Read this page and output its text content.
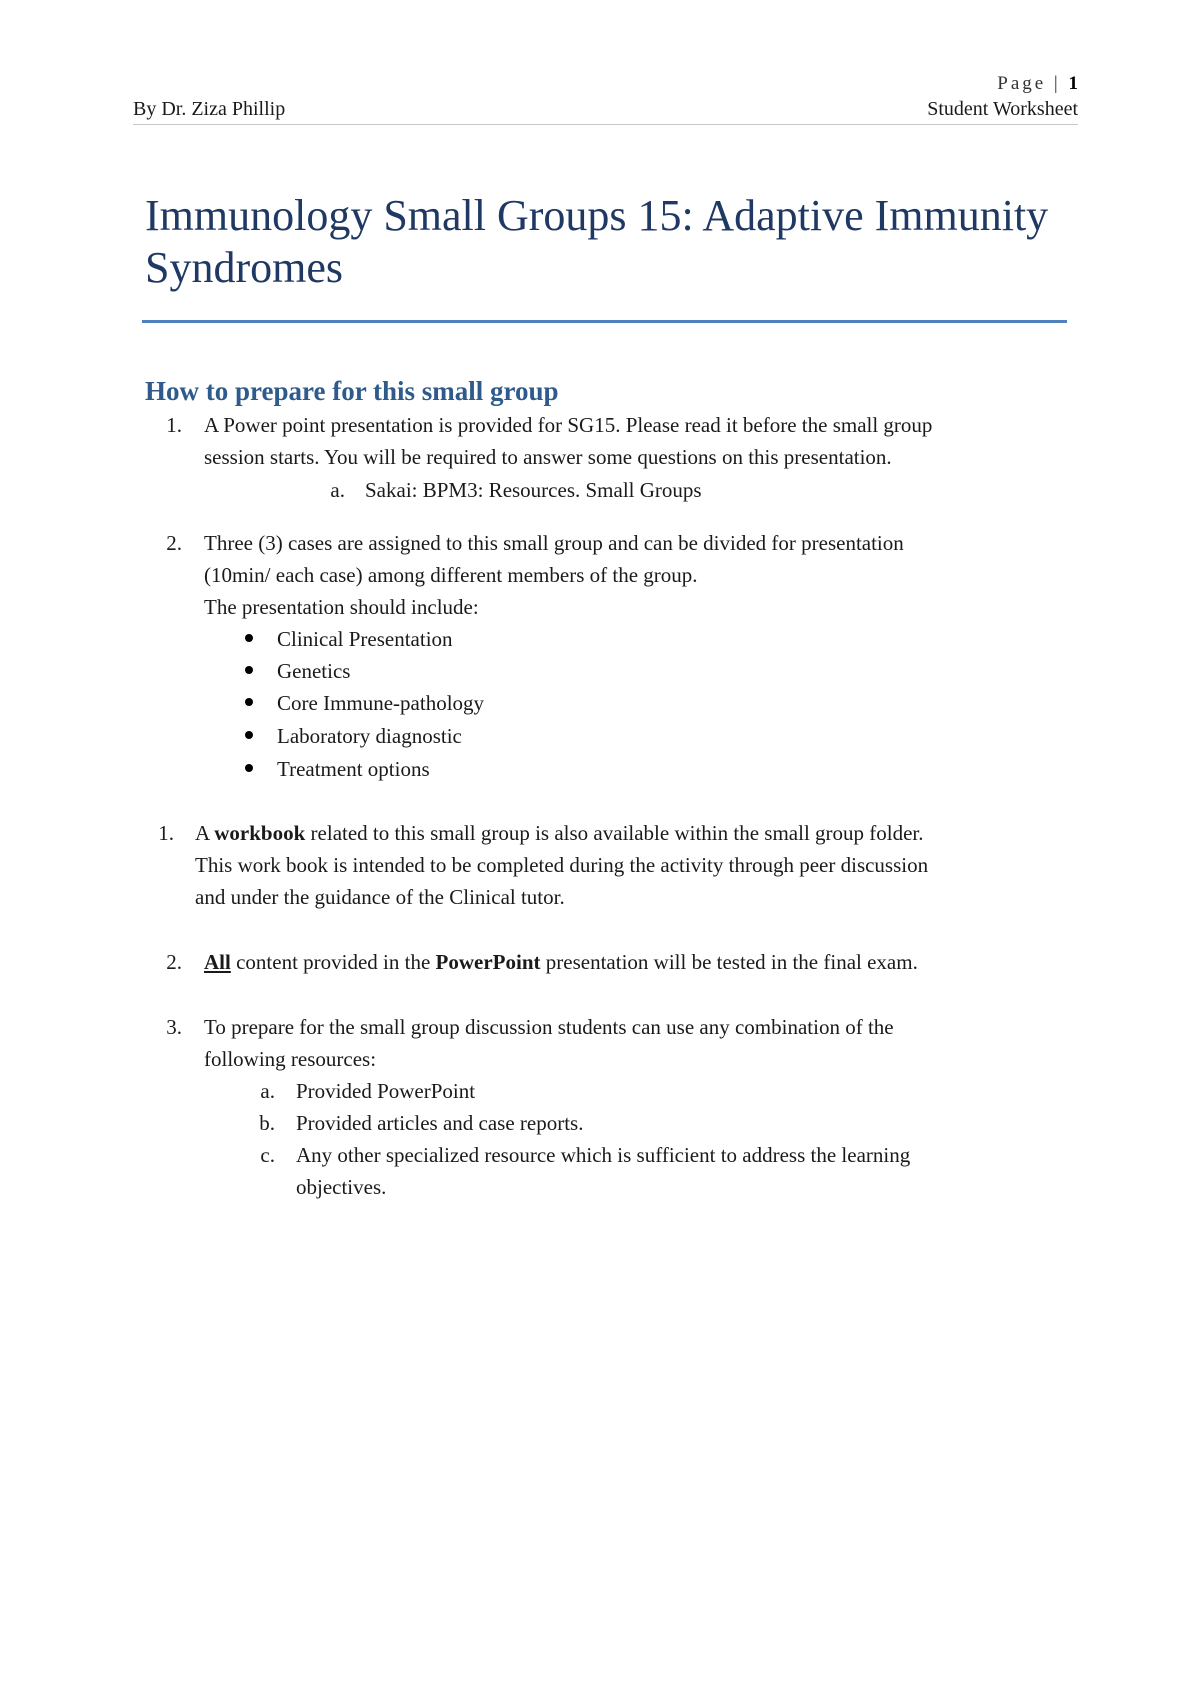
Page | 1
By Dr. Ziza Phillip	Student Worksheet
Immunology Small Groups 15: Adaptive Immunity Syndromes
How to prepare for this small group
1. A Power point presentation is provided for SG15. Please read it before the small group
session starts. You will be required to answer some questions on this presentation.
a. Sakai: BPM3: Resources. Small Groups
2. Three (3) cases are assigned to this small group and can be divided for presentation
(10min/ each case) among different members of the group.
The presentation should include:
Clinical Presentation
Genetics
Core Immune-pathology
Laboratory diagnostic
Treatment options
1. A workbook related to this small group is also available within the small group folder.
This work book is intended to be completed during the activity through peer discussion
and under the guidance of the Clinical tutor.
2. All content provided in the PowerPoint presentation will be tested in the final exam.
3. To prepare for the small group discussion students can use any combination of the
following resources:
a. Provided PowerPoint
b. Provided articles and case reports.
c. Any other specialized resource which is sufficient to address the learning
objectives.
